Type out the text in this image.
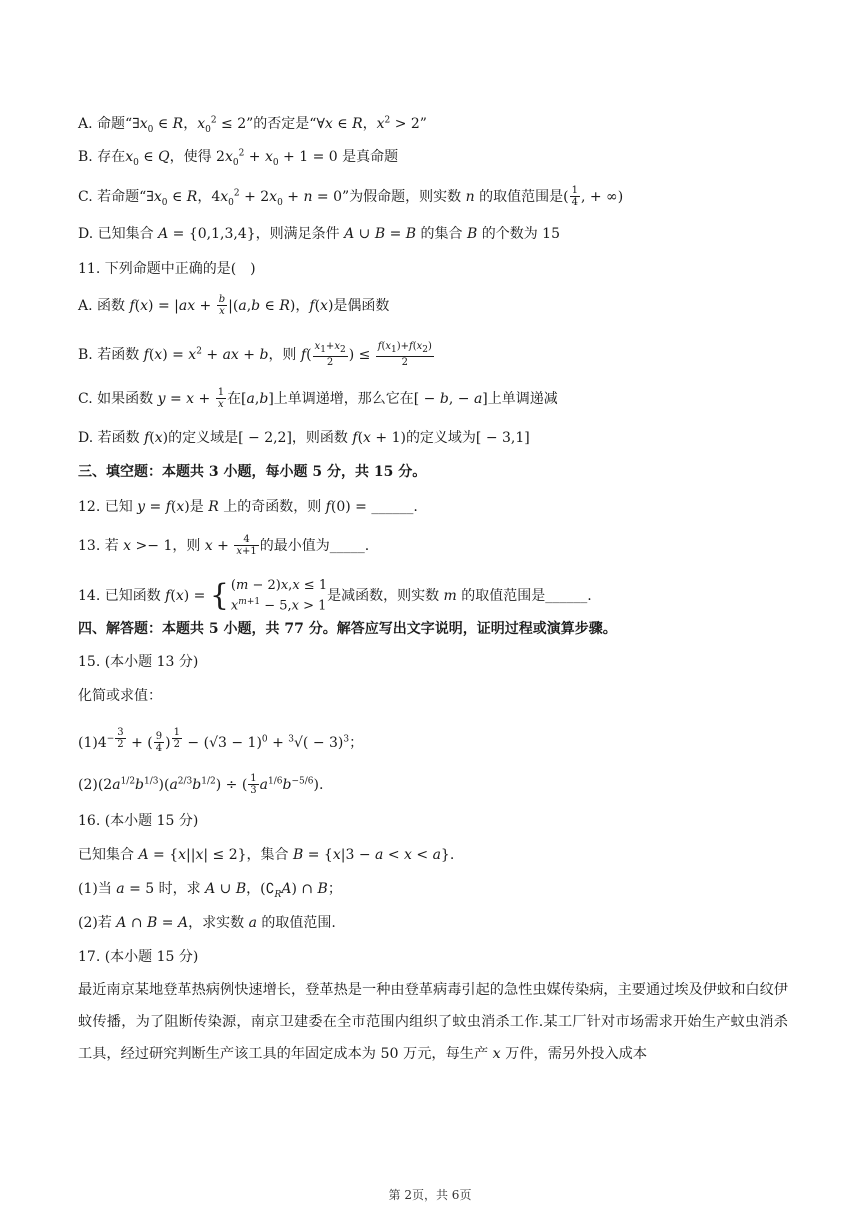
A. 命题“$\exists x_0$ ∈ R，$x_0^2 \le 2$”的否定是“∀x ∈ R，$x^2 > 2$”
B. 存在$x_0$ ∈ Q，使得 $2x_0^2 + x_0 + 1 = 0$ 是真命题
C. 若命题“$\exists x_0$ ∈ R，$4x_0^2 + 2x_0 + n = 0$”为假命题，则实数 n 的取值范围是( $\frac{1}{4}$ , + ∞)
D. 已知集合 A = {0,1,3,4}，则满足条件 A ∪ B = B 的集合 B 的个数为 15
11. 下列命题中正确的是(　)
A. 函数 $f(x) = |ax + \frac{b}{x} |(a,b$ ∈ R)，f(x)是偶函数
B. 若函数 $f(x) = x^2$ + ax + b，则 $f( \frac{x_1+x_2}{2}$ ) ≤ $\frac{f(x_1)+f(x_2)}{2}$
C. 如果函数 $y = x + \frac{1}{x}$ 在[a,b]上单调递增，那么它在[ − b, − a]上单调递减
D. 若函数 f(x)的定义域是[ − 2,2]，则函数 f(x + 1)的定义域为[ − 3,1]
三、填空题：本题共 3 小题，每小题 5 分，共 15 分。
12. 已知 y = f(x)是 R 上的奇函数，则 f(0) = ______.
13. 若 x >− 1，则 $x + \frac{4}{x+1}$ 的最小值为_____.
14. 已知函数 f(x) = { (m − 2)x,x ≤ 1
$x^{m+1} - 5,x > 1$是减函数，则实数 m 的取值范围是______.
四、解答题：本题共 5 小题，共 77 分。解答应写出文字说明，证明过程或演算步骤。
15. (本小题 13 分)
化简或求值：
$(1)4^{- \frac{3}{2}}$ + ( $\frac{9}{4}$ ) $^{\frac{1}{2}} - (√3 - 1)^0 + ^3√( - 3)^3$；
$(2)(2a^{1/2}b^{1/3})(a^{2/3}b^{1/2})$ ÷ ( $\frac{1}{3} a^{1/6}b^{-5/6}$).
16. (本小题 15 分)
已知集合 A = {x||x| ≤ 2}，集合 B = {x|3 − a < x < a}.
(1)当 a = 5 时，求 A ∪ B，$(∁_RA)$ ∩ B；
(2)若 A ∩ B = A，求实数 a 的取值范围.
17. (本小题 15 分)
最近南京某地登革热病例快速增长，登革热是一种由登革病毒引起的急性虫媒传染病，主要通过埃及伊蚊和白纹伊蚊传播，为了阻断传染源，南京卫建委在全市范围内组织了蚊虫消杀工作.某工厂针对市场需求开始生产蚊虫消杀工具，经过研究判断生产该工具的年固定成本为 50 万元，每生产 x 万件，需另外投入成本
第 2页，共 6页
